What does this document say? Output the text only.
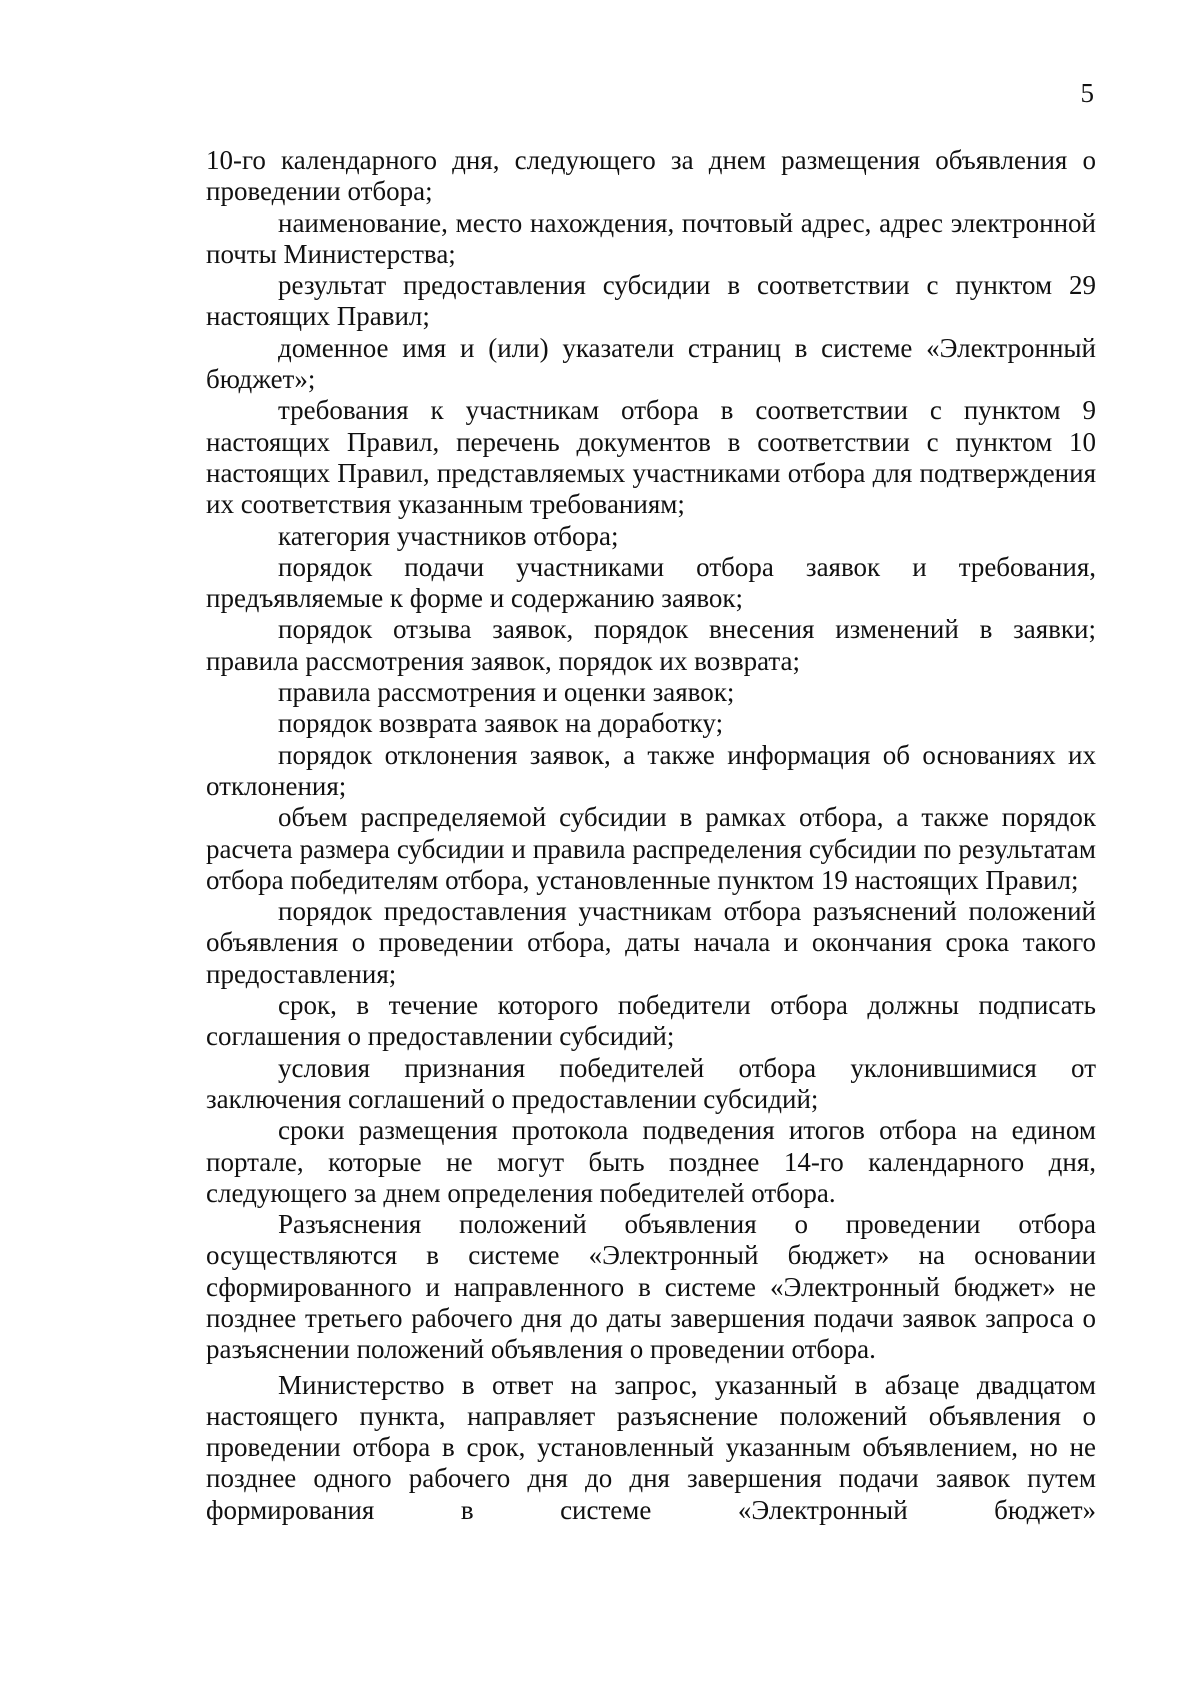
5

10-го календарного дня, следующего за днем размещения объявления о проведении отбора;

наименование, место нахождения, почтовый адрес, адрес электронной почты Министерства;

результат предоставления субсидии в соответствии с пунктом 29 настоящих Правил;

доменное имя и (или) указатели страниц в системе «Электронный бюджет»;

требования к участникам отбора в соответствии с пунктом 9 настоящих Правил, перечень документов в соответствии с пунктом 10 настоящих Правил, представляемых участниками отбора для подтверждения их соответствия указанным требованиям;

категория участников отбора;

порядок подачи участниками отбора заявок и требования, предъявляемые к форме и содержанию заявок;

порядок отзыва заявок, порядок внесения изменений в заявки; правила рассмотрения заявок, порядок их возврата;

правила рассмотрения и оценки заявок;

порядок возврата заявок на доработку;

порядок отклонения заявок, а также информация об основаниях их отклонения;

объем распределяемой субсидии в рамках отбора, а также порядок расчета размера субсидии и правила распределения субсидии по результатам отбора победителям отбора, установленные пунктом 19 настоящих Правил;

порядок предоставления участникам отбора разъяснений положений объявления о проведении отбора, даты начала и окончания срока такого предоставления;

срок, в течение которого победители отбора должны подписать соглашения о предоставлении субсидий;

условия признания победителей отбора уклонившимися от заключения соглашений о предоставлении субсидий;

сроки размещения протокола подведения итогов отбора на едином портале, которые не могут быть позднее 14-го календарного дня, следующего за днем определения победителей отбора.

Разъяснения положений объявления о проведении отбора осуществляются в системе «Электронный бюджет» на основании сформированного и направленного в системе «Электронный бюджет» не позднее третьего рабочего дня до даты завершения подачи заявок запроса о разъяснении положений объявления о проведении отбора.

Министерство в ответ на запрос, указанный в абзаце двадцатом настоящего пункта, направляет разъяснение положений объявления о проведении отбора в срок, установленный указанным объявлением, но не позднее одного рабочего дня до дня завершения подачи заявок путем формирования в системе «Электронный бюджет»
